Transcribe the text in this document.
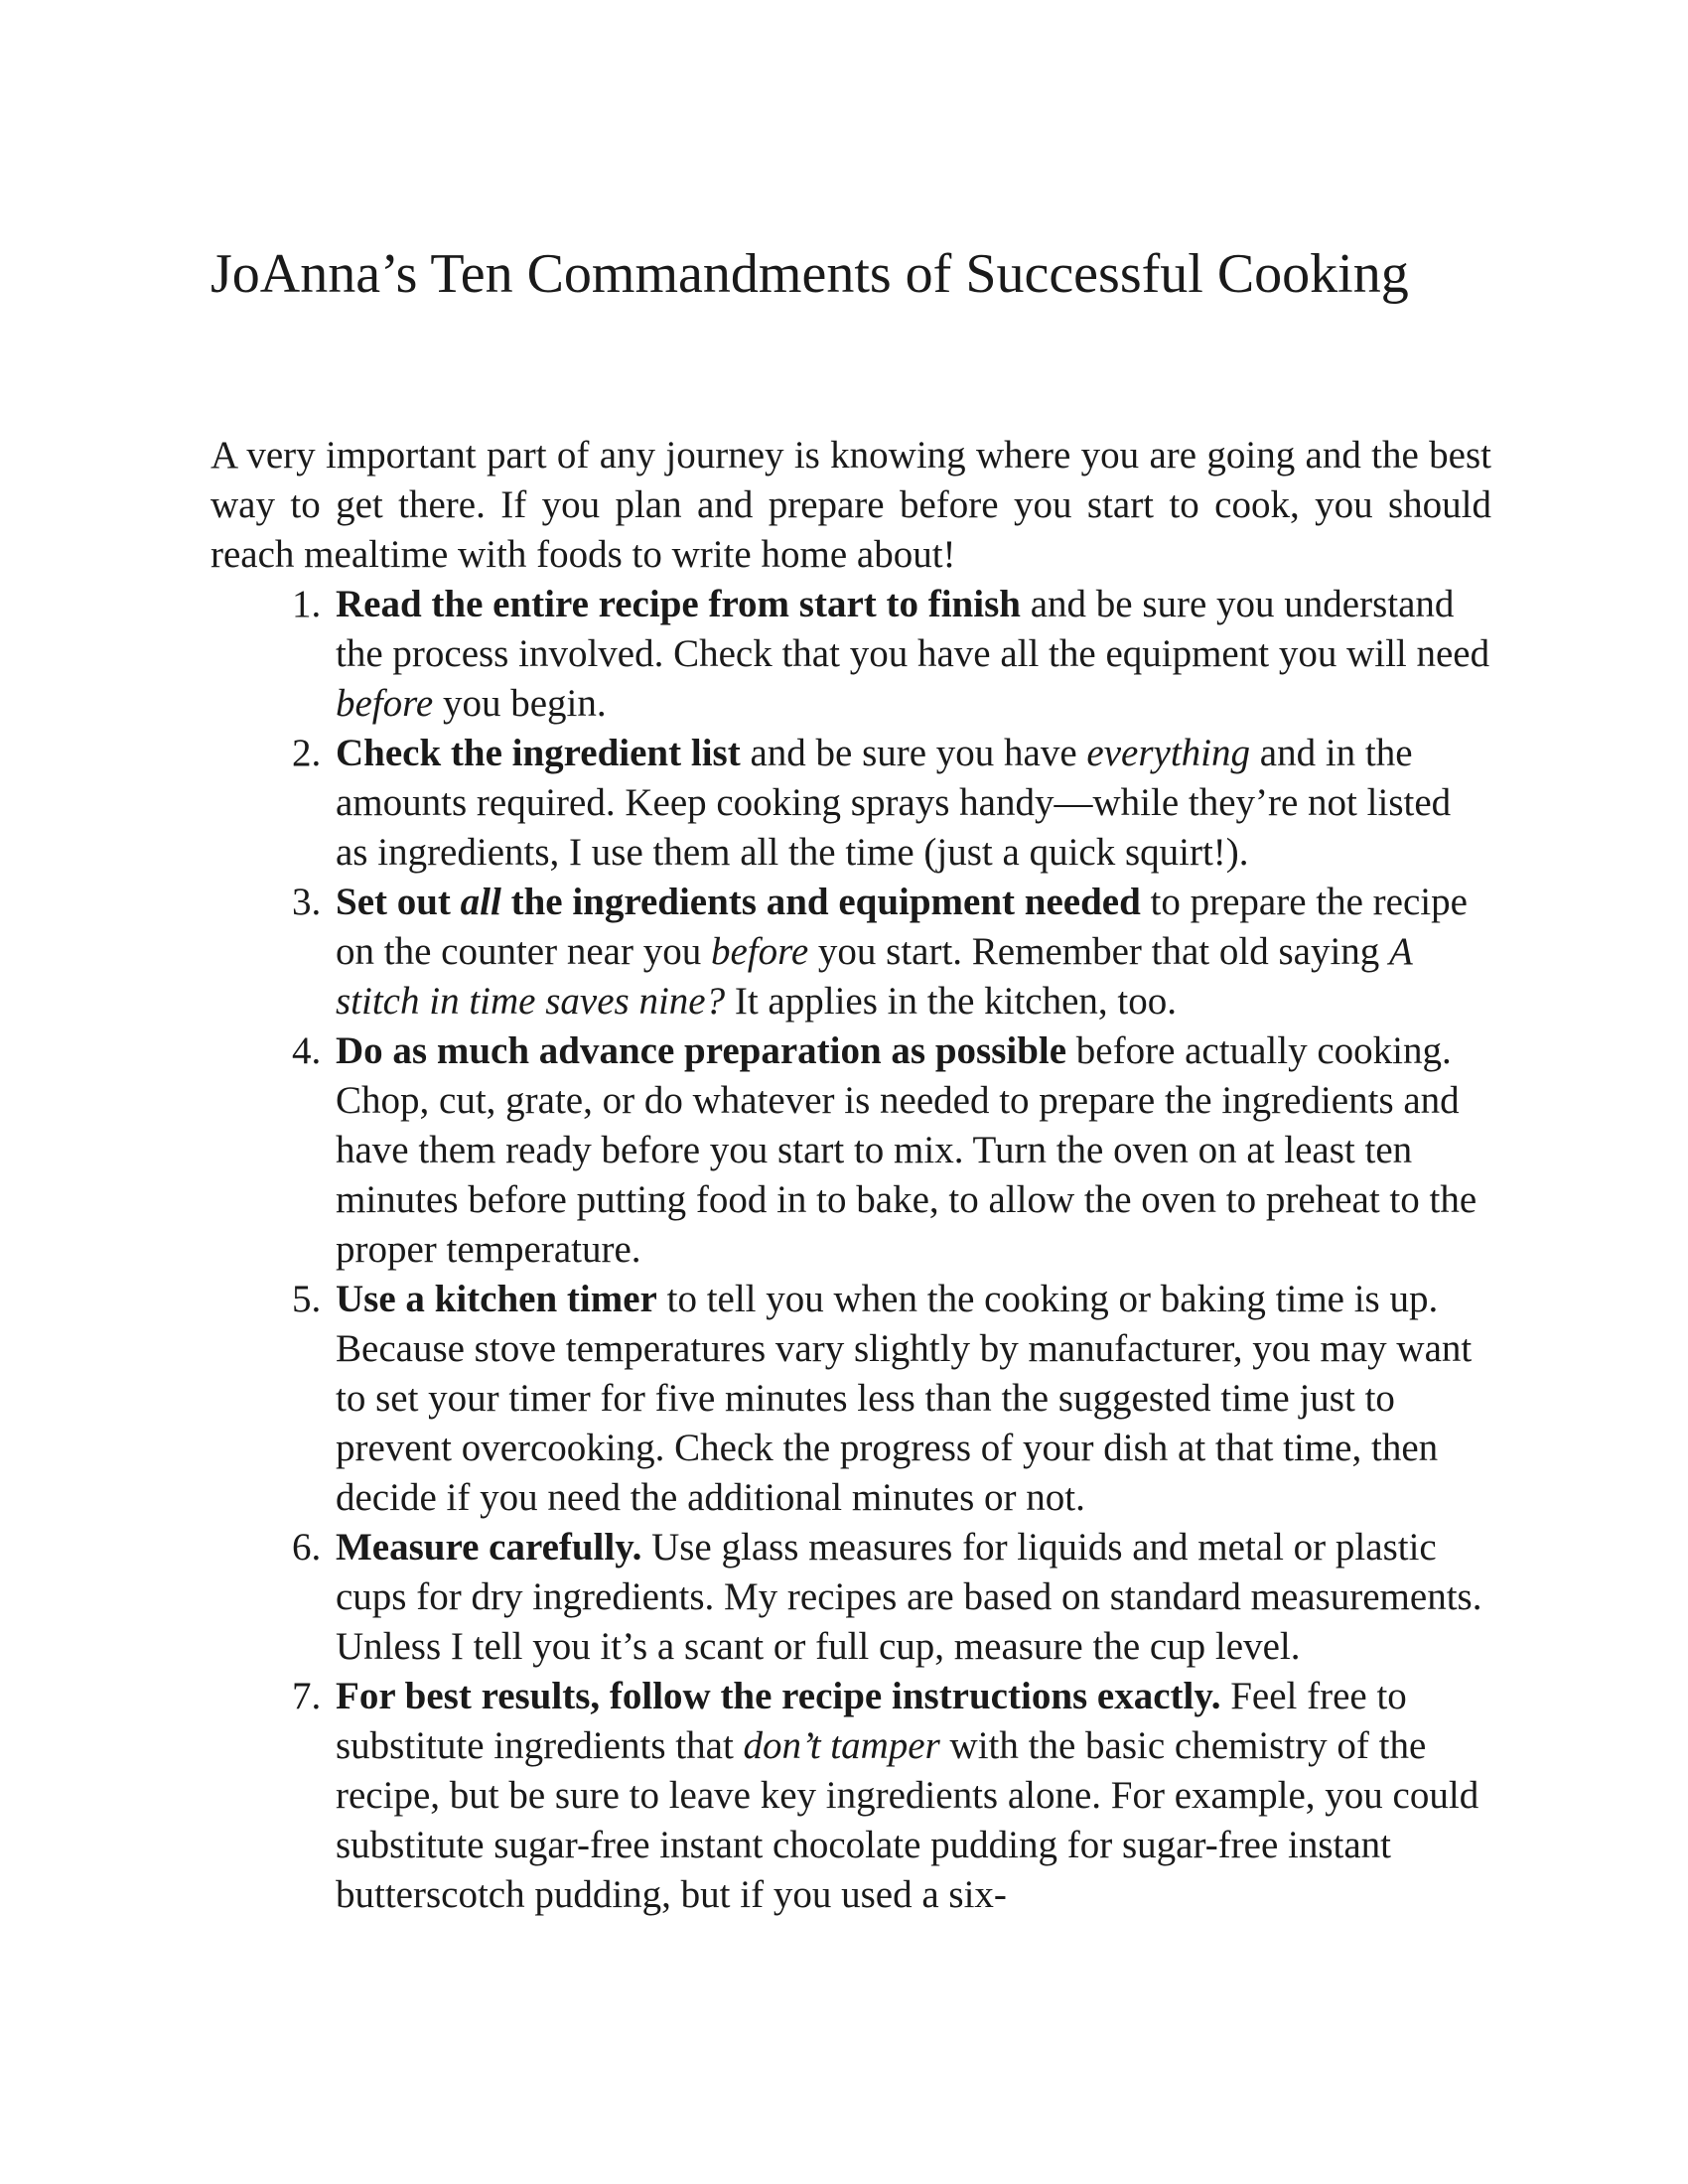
JoAnna’s Ten Commandments of Successful Cooking

A very important part of any journey is knowing where you are going and the best way to get there. If you plan and prepare before you start to cook, you should reach mealtime with foods to write home about!

1. Read the entire recipe from start to finish and be sure you understand the process involved. Check that you have all the equipment you will need before you begin.
2. Check the ingredient list and be sure you have everything and in the amounts required. Keep cooking sprays handy—while they’re not listed as ingredients, I use them all the time (just a quick squirt!).
3. Set out all the ingredients and equipment needed to prepare the recipe on the counter near you before you start. Remember that old saying A stitch in time saves nine? It applies in the kitchen, too.
4. Do as much advance preparation as possible before actually cooking. Chop, cut, grate, or do whatever is needed to prepare the ingredients and have them ready before you start to mix. Turn the oven on at least ten minutes before putting food in to bake, to allow the oven to preheat to the proper temperature.
5. Use a kitchen timer to tell you when the cooking or baking time is up. Because stove temperatures vary slightly by manufacturer, you may want to set your timer for five minutes less than the suggested time just to prevent overcooking. Check the progress of your dish at that time, then decide if you need the additional minutes or not.
6. Measure carefully. Use glass measures for liquids and metal or plastic cups for dry ingredients. My recipes are based on standard measurements. Unless I tell you it’s a scant or full cup, measure the cup level.
7. For best results, follow the recipe instructions exactly. Feel free to substitute ingredients that don’t tamper with the basic chemistry of the recipe, but be sure to leave key ingredients alone. For example, you could substitute sugar-free instant chocolate pudding for sugar-free instant butterscotch pudding, but if you used a six-
